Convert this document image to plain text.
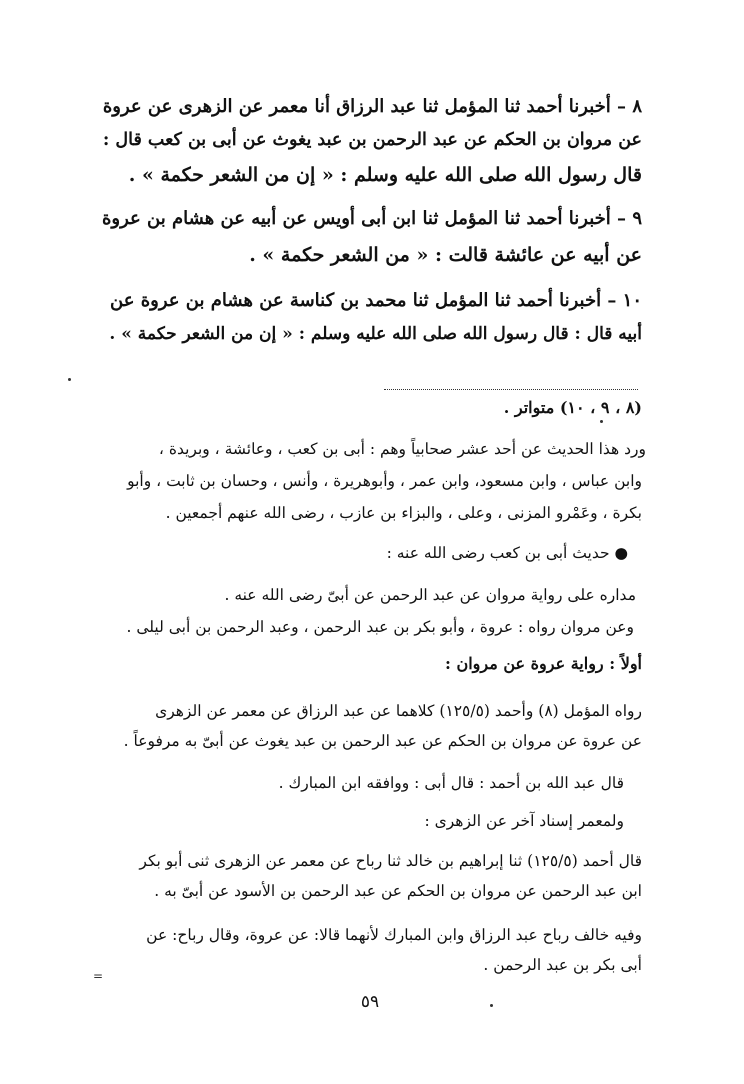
٨ – أخبرنا أحمد ثنا المؤمل ثنا عبد الرزاق أنا معمر عن الزهرى عن عروة
عن مروان بن الحكم عن عبد الرحمن بن عبد يغوث عن أبى بن كعب قال :
قال رسول الله صلى الله عليه وسلم : « إن من الشعر حكمة » .
٩ – أخبرنا أحمد ثنا المؤمل ثنا ابن أبى أويس عن أبيه عن هشام بن عروة
عن أبيه عن عائشة قالت : « من الشعر حكمة » .
١٠ – أخبرنا أحمد ثنا المؤمل ثنا محمد بن كناسة عن هشام بن عروة عن
أبيه قال : قال رسول الله صلى الله عليه وسلم : « إن من الشعر حكمة » .
(٨ ، ٩ ، ١٠) متواتر .
ورد هذا الحديث عن أحد عشر صحابياً وهم : أبى بن كعب ، وعائشة ، وبريدة ،
وابن عباس ، وابن مسعود، وابن عمر ، وأبوهريرة ، وأنس ، وحسان بن ثابت ، وأبو
بكرة ، وعَمْرو المزنى ، وعلى ، والبزاء بن عازب ، رضى الله عنهم أجمعين .
● حديث أبى بن كعب رضى الله عنه :
مداره على رواية مروان عن عبد الرحمن عن أبىّ رضى الله عنه .
وعن مروان رواه : عروة ، وأبو بكر بن عبد الرحمن ، وعبد الرحمن بن أبى ليلى .
أولاً : رواية عروة عن مروان :
رواه المؤمل (٨) وأحمد (١٢٥/٥) كلاهما عن عبد الرزاق عن معمر عن الزهرى
عن عروة عن مروان بن الحكم عن عبد الرحمن بن عبد يغوث عن أبىّ به مرفوعاً .
قال عبد الله بن أحمد : قال أبى : ووافقه ابن المبارك .
ولمعمر إسناد آخر عن الزهرى :
قال أحمد (١٢٥/٥) ثنا إبراهيم بن خالد ثنا رباح عن معمر عن الزهرى ثنى أبو بكر
ابن عبد الرحمن عن مروان بن الحكم عن عبد الرحمن بن الأسود عن أبىّ به .
وفيه خالف رباح عبد الرزاق وابن المبارك لأنهما قالا: عن عروة، وقال رباح: عن
أبى بكر بن عبد الرحمن .
=
٥٩
